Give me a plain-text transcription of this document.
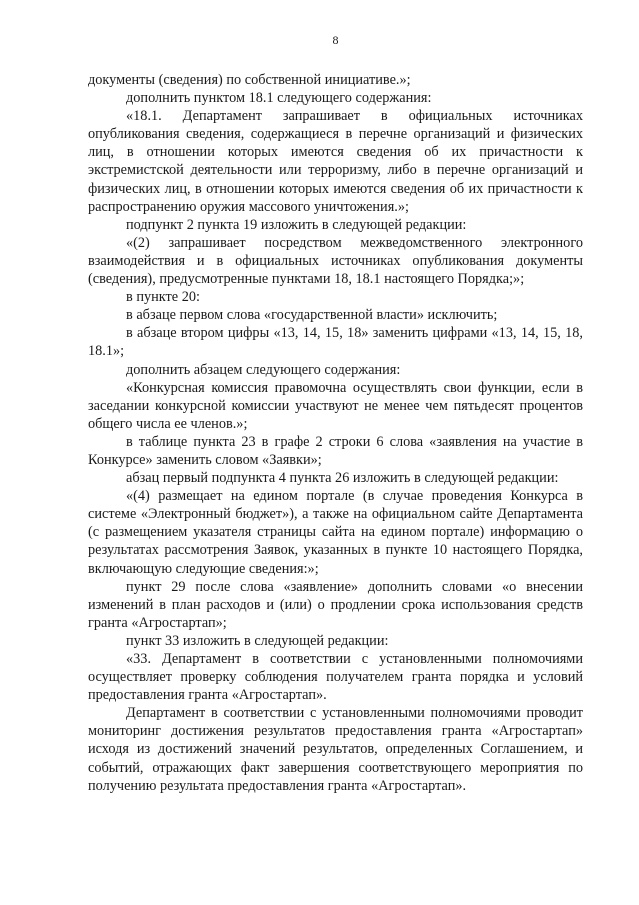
8

документы (сведения) по собственной инициативе.»;

дополнить пунктом 18.1 следующего содержания:

«18.1. Департамент запрашивает в официальных источниках опубликования сведения, содержащиеся в перечне организаций и физических лиц, в отношении которых имеются сведения об их причастности к экстремистской деятельности или терроризму, либо в перечне организаций и физических лиц, в отношении которых имеются сведения об их причастности к распространению оружия массового уничтожения.»;

подпункт 2 пункта 19 изложить в следующей редакции:

«(2) запрашивает посредством межведомственного электронного взаимодействия и в официальных источниках опубликования документы (сведения), предусмотренные пунктами 18, 18.1 настоящего Порядка;»;

в пункте 20:

в абзаце первом слова «государственной власти» исключить;

в абзаце втором цифры «13, 14, 15, 18» заменить цифрами «13, 14, 15, 18, 18.1»;

дополнить абзацем следующего содержания:

«Конкурсная комиссия правомочна осуществлять свои функции, если в заседании конкурсной комиссии участвуют не менее чем пятьдесят процентов общего числа ее членов.»;

в таблице пункта 23 в графе 2 строки 6 слова «заявления на участие в Конкурсе» заменить словом «Заявки»;

абзац первый подпункта 4 пункта 26 изложить в следующей редакции:

«(4) размещает на едином портале (в случае проведения Конкурса в системе «Электронный бюджет»), а также на официальном сайте Департамента (с размещением указателя страницы сайта на едином портале) информацию о результатах рассмотрения Заявок, указанных в пункте 10 настоящего Порядка, включающую следующие сведения:»;

пункт 29 после слова «заявление» дополнить словами «о внесении изменений в план расходов и (или) о продлении срока использования средств гранта «Агростартап»;

пункт 33 изложить в следующей редакции:

«33. Департамент в соответствии с установленными полномочиями осуществляет проверку соблюдения получателем гранта порядка и условий предоставления гранта «Агростартап».

Департамент в соответствии с установленными полномочиями проводит мониторинг достижения результатов предоставления гранта «Агростартап» исходя из достижений значений результатов, определенных Соглашением, и событий, отражающих факт завершения соответствующего мероприятия по получению результата предоставления гранта «Агростартап».
